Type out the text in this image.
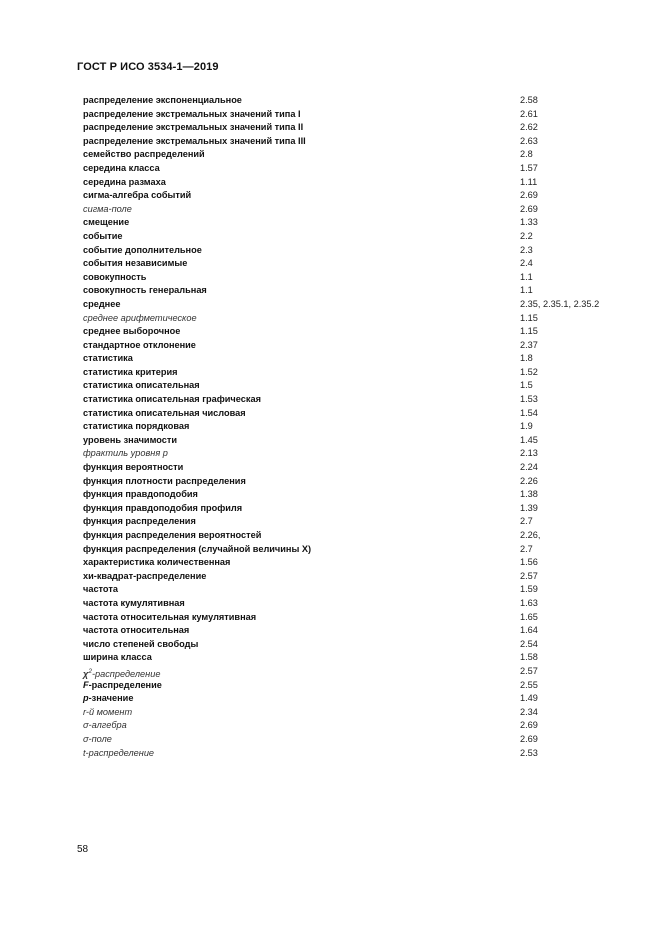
ГОСТ Р ИСО 3534-1—2019
распределение экспоненциальное	2.58
распределение экстремальных значений типа I	2.61
распределение экстремальных значений типа II	2.62
распределение экстремальных значений типа III	2.63
семейство распределений	2.8
середина класса	1.57
середина размаха	1.11
сигма-алгебра событий	2.69
сигма-поле	2.69
смещение	1.33
событие	2.2
событие дополнительное	2.3
события независимые	2.4
совокупность	1.1
совокупность генеральная	1.1
среднее	2.35, 2.35.1, 2.35.2
среднее арифметическое	1.15
среднее выборочное	1.15
стандартное отклонение	2.37
статистика	1.8
статистика критерия	1.52
статистика описательная	1.5
статистика описательная графическая	1.53
статистика описательная числовая	1.54
статистика порядковая	1.9
уровень значимости	1.45
фрактиль уровня p	2.13
функция вероятности	2.24
функция плотности распределения	2.26
функция правдоподобия	1.38
функция правдоподобия профиля	1.39
функция распределения	2.7
функция распределения вероятностей	2.26,
функция распределения (случайной величины X)	2.7
характеристика количественная	1.56
хи-квадрат-распределение	2.57
частота	1.59
частота кумулятивная	1.63
частота относительная кумулятивная	1.65
частота относительная	1.64
число степеней свободы	2.54
ширина класса	1.58
$\chi^2$-распределение	2.57
F-распределение	2.55
p-значение	1.49
r-й момент	2.34
σ-алгебра	2.69
σ-поле	2.69
t-распределение	2.53
58
